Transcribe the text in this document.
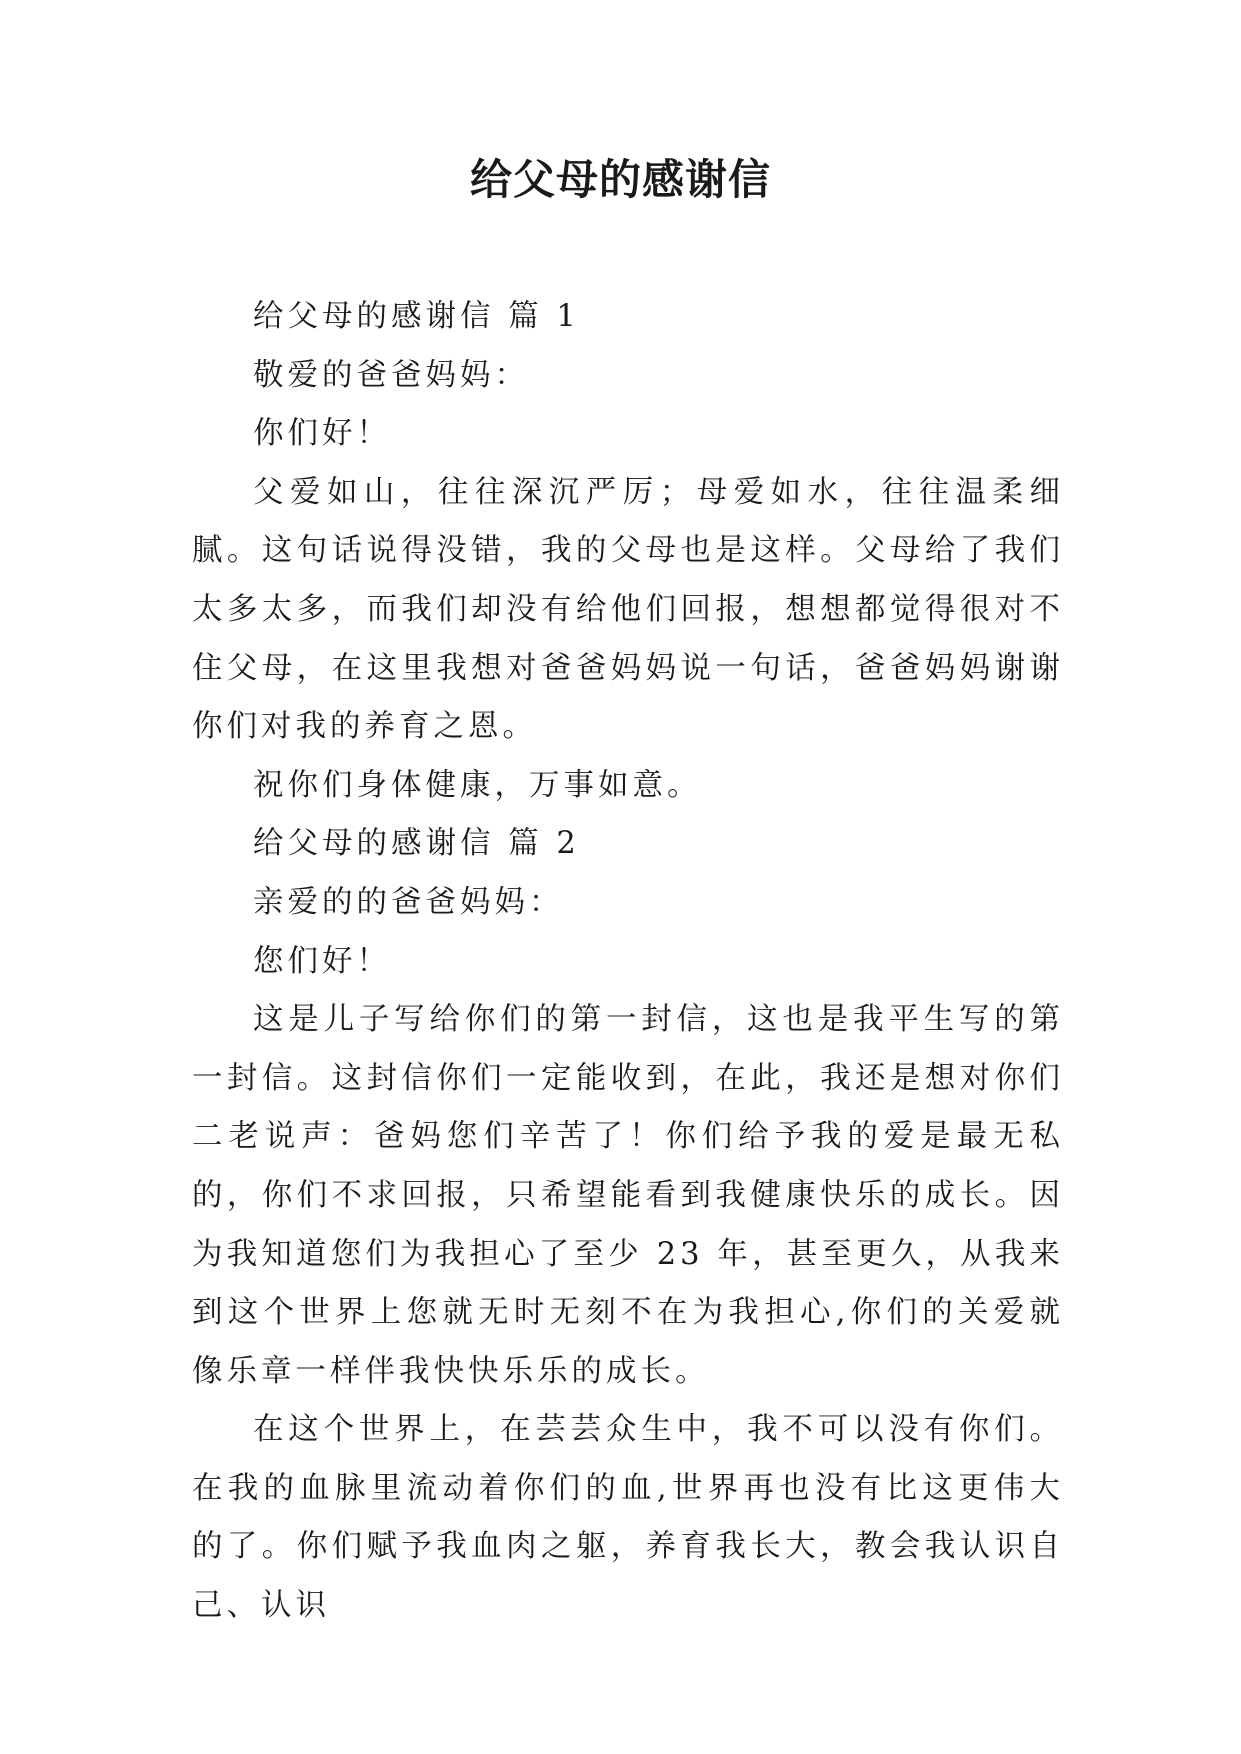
给父母的感谢信

给父母的感谢信 篇 1

敬爱的爸爸妈妈：

你们好！

父爱如山，往往深沉严厉；母爱如水，往往温柔细腻。这句话说得没错，我的父母也是这样。父母给了我们太多太多，而我们却没有给他们回报，想想都觉得很对不住父母，在这里我想对爸爸妈妈说一句话，爸爸妈妈谢谢你们对我的养育之恩。

祝你们身体健康，万事如意。

给父母的感谢信 篇 2

亲爱的的爸爸妈妈：

您们好！

这是儿子写给你们的第一封信，这也是我平生写的第一封信。这封信你们一定能收到，在此，我还是想对你们二老说声：爸妈您们辛苦了！你们给予我的爱是最无私的，你们不求回报，只希望能看到我健康快乐的成长。因为我知道您们为我担心了至少 23 年，甚至更久，从我来到这个世界上您就无时无刻不在为我担心,你们的关爱就像乐章一样伴我快快乐乐的成长。

在这个世界上，在芸芸众生中，我不可以没有你们。在我的血脉里流动着你们的血,世界再也没有比这更伟大的了。你们赋予我血肉之躯，养育我长大，教会我认识自己、认识
